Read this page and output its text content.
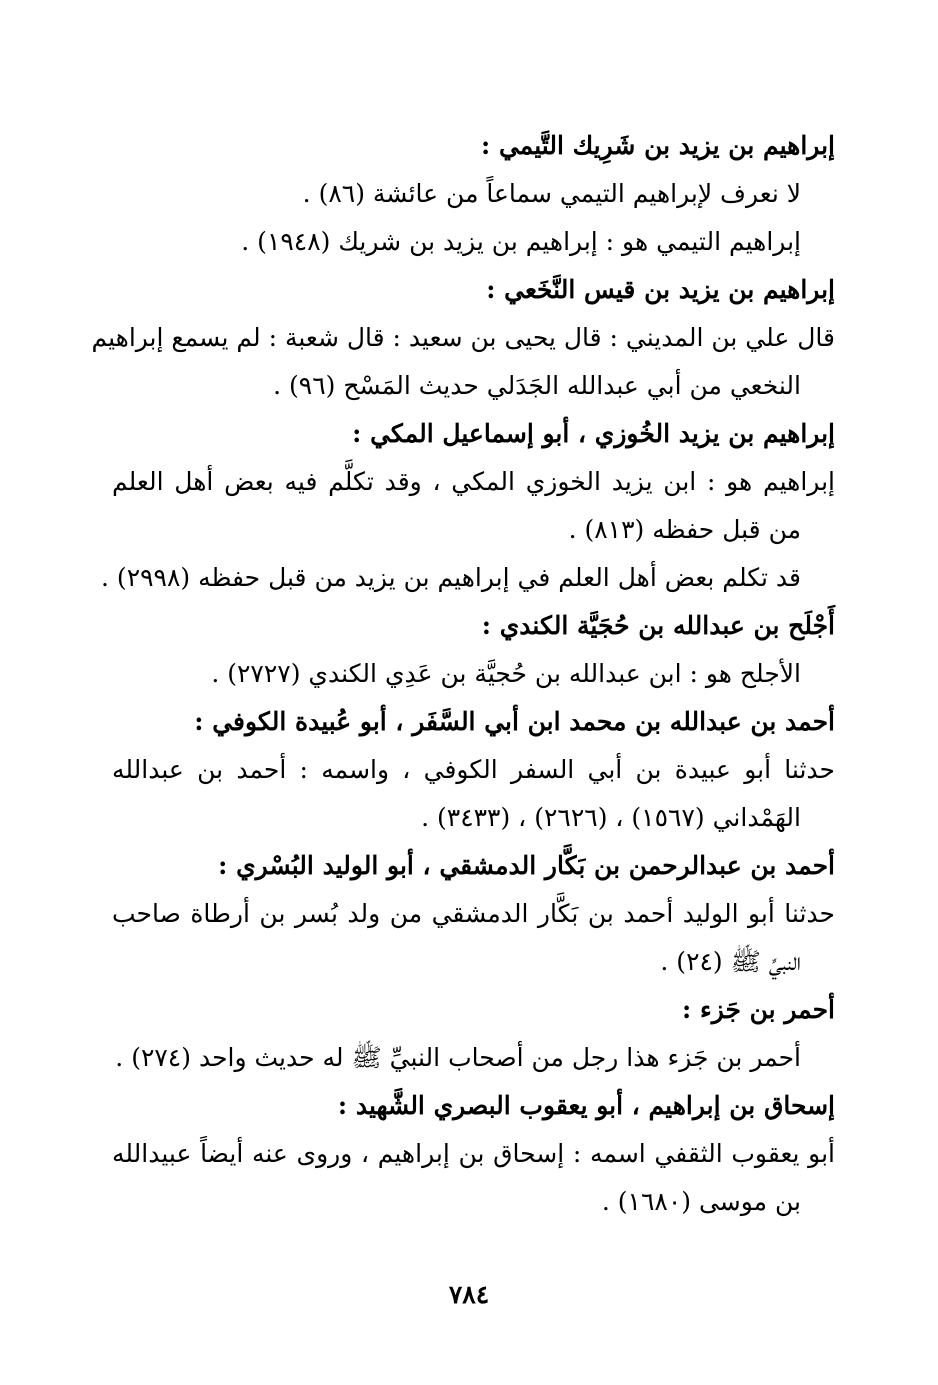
إبراهيم بن يزيد بن شَرِيك التَّيمي :
لا نعرف لإبراهيم التيمي سماعاً من عائشة (٨٦) .
إبراهيم التيمي هو : إبراهيم بن يزيد بن شريك (١٩٤٨) .
إبراهيم بن يزيد بن قيس النَّخَعي :
قال علي بن المديني : قال يحيى بن سعيد : قال شعبة : لم يسمع إبراهيم
النخعي من أبي عبدالله الجَدَلي حديث المَسْح (٩٦) .
إبراهيم بن يزيد الخُوزي ، أبو إسماعيل المكي :
إبراهيم هو : ابن يزيد الخوزي المكي ، وقد تكلَّم فيه بعض أهل العلم
من قبل حفظه (٨١٣) .
قد تكلم بعض أهل العلم في إبراهيم بن يزيد من قبل حفظه (٢٩٩٨) .
أَجْلَح بن عبدالله بن حُجَيَّة الكندي :
الأجلح هو : ابن عبدالله بن حُجيَّة بن عَدِي الكندي (٢٧٢٧) .
أحمد بن عبدالله بن محمد ابن أبي السَّفَر ، أبو عُبيدة الكوفي :
حدثنا أبو عبيدة بن أبي السفر الكوفي ، واسمه : أحمد بن عبدالله
الهَمْداني (١٥٦٧) ، (٢٦٢٦) ، (٣٤٣٣) .
أحمد بن عبدالرحمن بن بَكَّار الدمشقي ، أبو الوليد البُسْري :
حدثنا أبو الوليد أحمد بن بَكَّار الدمشقي من ولد بُسر بن أرطاة صاحب
النبيِّ ﷺ (٢٤) .
أحمر بن جَزء :
أحمر بن جَزء هذا رجل من أصحاب النبيِّ ﷺ له حديث واحد (٢٧٤) .
إسحاق بن إبراهيم ، أبو يعقوب البصري الشَّهيد :
أبو يعقوب الثقفي اسمه : إسحاق بن إبراهيم ، وروى عنه أيضاً عبيدالله
بن موسى (١٦٨٠) .
٧٨٤
